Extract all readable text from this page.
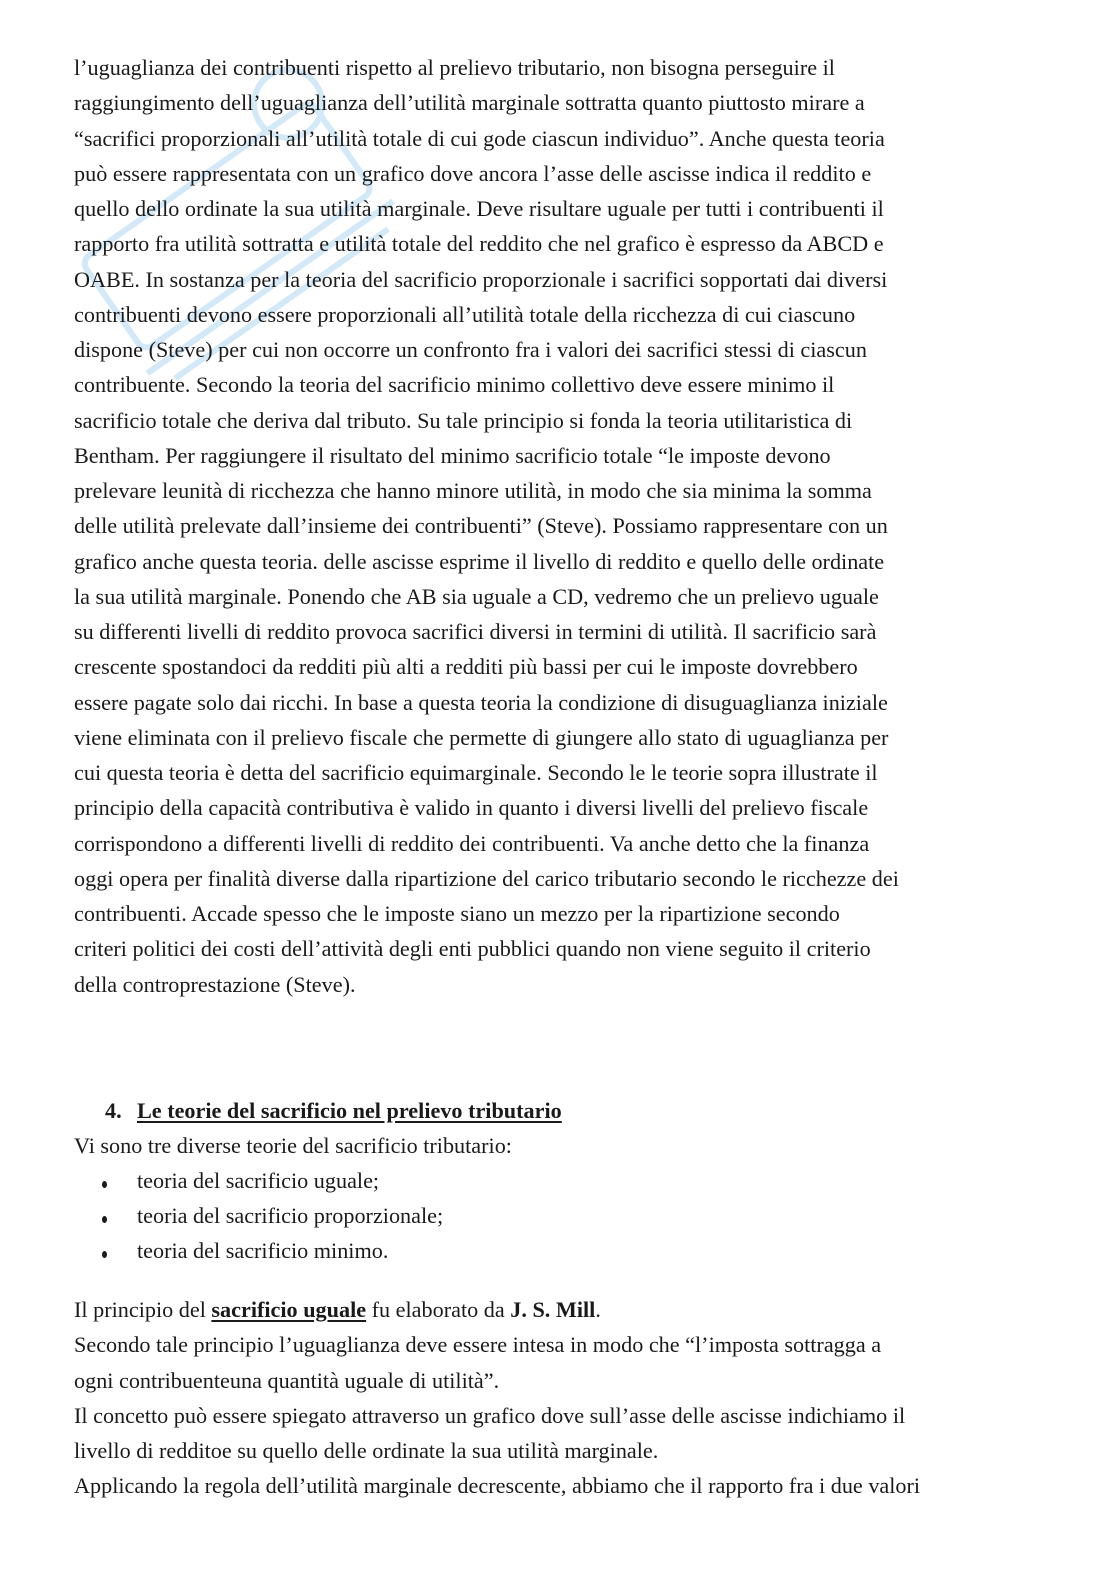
l’uguaglianza dei contribuenti rispetto al prelievo tributario, non bisogna perseguire il
raggiungimento dell’uguaglianza dell’utilità marginale sottratta quanto piuttosto mirare a
“sacrifici proporzionali all’utilità totale di cui gode ciascun individuo”. Anche questa teoria
può essere rappresentata con un grafico dove ancora l’asse delle ascisse indica il reddito e
quello dello ordinate la sua utilità marginale. Deve risultare uguale per tutti i contribuenti il
rapporto fra utilità sottratta e utilità totale del reddito che nel grafico è espresso da ABCD e
OABE. In sostanza per la teoria del sacrificio proporzionale i sacrifici sopportati dai diversi
contribuenti devono essere proporzionali all’utilità totale della ricchezza di cui ciascuno
dispone (Steve) per cui non occorre un confronto fra i valori dei sacrifici stessi di ciascun
contribuente. Secondo la teoria del sacrificio minimo collettivo deve essere minimo il
sacrificio totale che deriva dal tributo. Su tale principio si fonda la teoria utilitaristica di
Bentham. Per raggiungere il risultato del minimo sacrificio totale “le imposte devono
prelevare leunità di ricchezza che hanno minore utilità, in modo che sia minima la somma
delle utilità prelevate dall’insieme dei contribuenti” (Steve). Possiamo rappresentare con un
grafico anche questa teoria. delle ascisse esprime il livello di reddito e quello delle ordinate
la sua utilità marginale. Ponendo che AB sia uguale a CD, vedremo che un prelievo uguale
su differenti livelli di reddito provoca sacrifici diversi in termini di utilità. Il sacrificio sarà
crescente spostandoci da redditi più alti a redditi più bassi per cui le imposte dovrebbero
essere pagate solo dai ricchi. In base a questa teoria la condizione di disuguaglianza iniziale
viene eliminata con il prelievo fiscale che permette di giungere allo stato di uguaglianza per
cui questa teoria è detta del sacrificio equimarginale. Secondo le le teorie sopra illustrate il
principio della capacità contributiva è valido in quanto i diversi livelli del prelievo fiscale
corrispondono a differenti livelli di reddito dei contribuenti. Va anche detto che la finanza
oggi opera per finalità diverse dalla ripartizione del carico tributario secondo le ricchezze dei
contribuenti. Accade spesso che le imposte siano un mezzo per la ripartizione secondo
criteri politici dei costi dell’attività degli enti pubblici quando non viene seguito il criterio
della controprestazione (Steve).
4. Le teorie del sacrificio nel prelievo tributario

Vi sono tre diverse teorie del sacrificio tributario:

teoria del sacrificio uguale;
teoria del sacrificio proporzionale;
teoria del sacrificio minimo.
Il principio del sacrificio uguale fu elaborato da J. S. Mill.
Secondo tale principio l’uguaglianza deve essere intesa in modo che “l’imposta sottragga a
ogni contribuenteuna quantità uguale di utilità”.
Il concetto può essere spiegato attraverso un grafico dove sull’asse delle ascisse indichiamo il
livello di redditoe su quello delle ordinate la sua utilità marginale.
Applicando la regola dell’utilità marginale decrescente, abbiamo che il rapporto fra i due valori
